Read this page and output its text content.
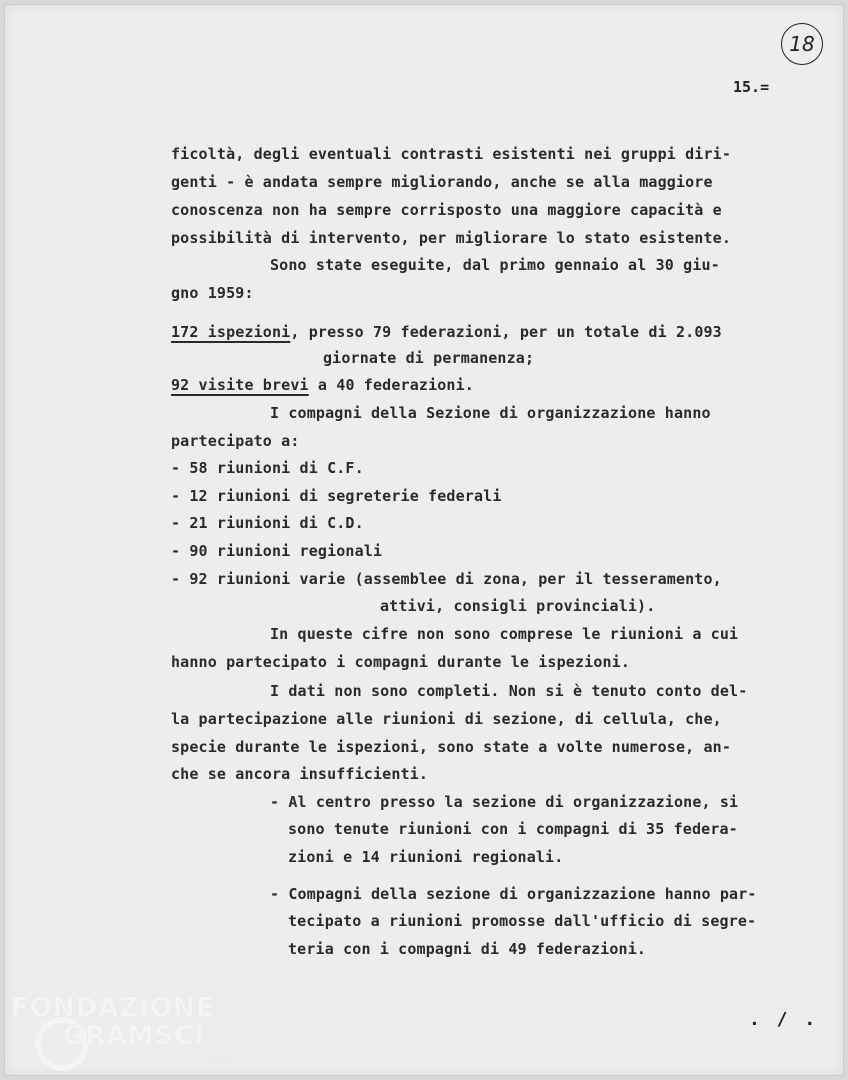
18
15.=
ficoltà, degli eventuali contrasti esistenti nei gruppi diri-
genti - è andata sempre migliorando, anche se alla maggiore
conoscenza non ha sempre corrisposto una maggiore capacità e
possibilità di intervento, per migliorare lo stato esistente.
Sono state eseguite, dal primo gennaio al 30 giu-
gno 1959:
172 ispezioni, presso 79 federazioni, per un totale di 2.093
giornate di permanenza;
92 visite brevi a 40 federazioni.
I compagni della Sezione di organizzazione hanno
partecipato a:
- 58 riunioni di C.F.
- 12 riunioni di segreterie federali
- 21 riunioni di C.D.
- 90 riunioni regionali
- 92 riunioni varie (assemblee di zona, per il tesseramento,
attivi, consigli provinciali).
In queste cifre non sono comprese le riunioni a cui
hanno partecipato i compagni durante le ispezioni.
I dati non sono completi. Non si è tenuto conto del-
la partecipazione alle riunioni di sezione, di cellula, che,
specie durante le ispezioni, sono state a volte numerose, an-
che se ancora insufficienti.
- Al centro presso la sezione di organizzazione, si
sono tenute riunioni con i compagni di 35 federa-
zioni e 14 riunioni regionali.
- Compagni della sezione di organizzazione hanno par-
tecipato a riunioni promosse dall'ufficio di segre-
teria con i compagni di 49 federazioni.
. / .
FONDAZIONE
GRAMSCI
onlus
